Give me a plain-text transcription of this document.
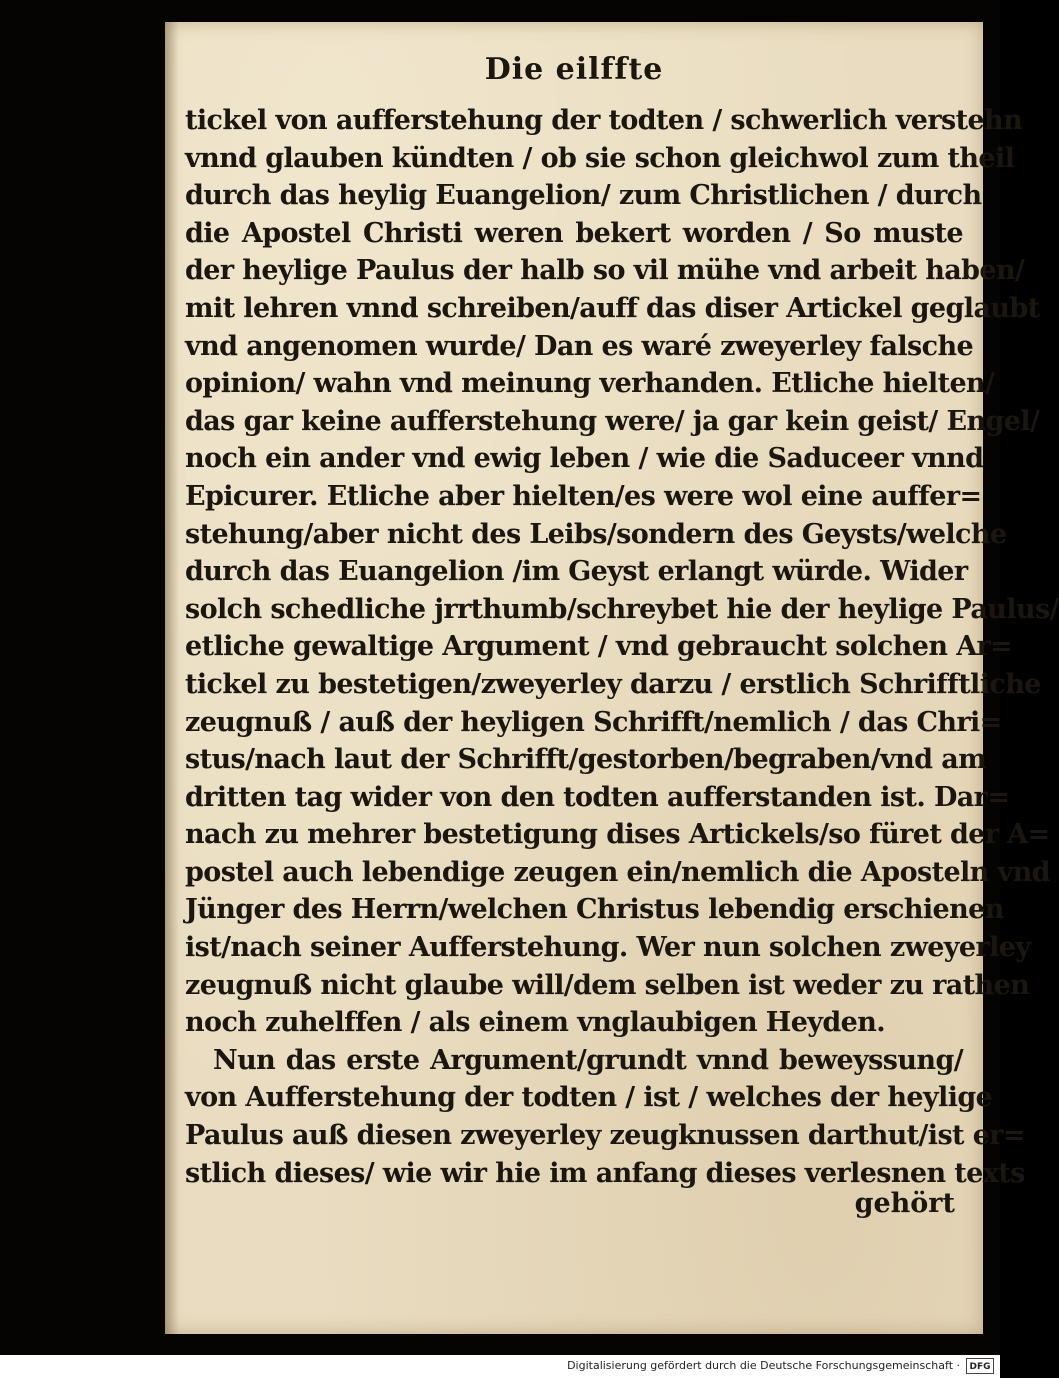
Die eilffte
tickel von aufferstehung der todten / schwerlich verstehn
vnnd glauben kündten / ob sie schon gleichwol zum theil
durch das heylig Euangelion/ zum Christlichen / durch
die Apostel Christi weren bekert worden / So muste
der heylige Paulus der halb so vil mühe vnd arbeit haben/
mit lehren vnnd schreiben/auff das diser Artickel geglaubt
vnd angenomen wurde/ Dan es waré zweyerley falsche
opinion/ wahn vnd meinung verhanden. Etliche hielten/
das gar keine aufferstehung were/ ja gar kein geist/ Engel/
noch ein ander vnd ewig leben / wie die Saduceer vnnd
Epicurer. Etliche aber hielten/es were wol eine auffer=
stehung/aber nicht des Leibs/sondern des Geysts/welche
durch das Euangelion /im Geyst erlangt würde. Wider
solch schedliche jrrthumb/schreybet hie der heylige Paulus/
etliche gewaltige Argument / vnd gebraucht solchen Ar=
tickel zu bestetigen/zweyerley darzu / erstlich Schrifftliche
zeugnuß / auß der heyligen Schrifft/nemlich / das Chri=
stus/nach laut der Schrifft/gestorben/begraben/vnd am
dritten tag wider von den todten aufferstanden ist. Dar=
nach zu mehrer bestetigung dises Artickels/so füret der A=
postel auch lebendige zeugen ein/nemlich die Aposteln vnd
Jünger des Herrn/welchen Christus lebendig erschienen
ist/nach seiner Aufferstehung. Wer nun solchen zweyerley
zeugnuß nicht glaube will/dem selben ist weder zu rathen
noch zuhelffen / als einem vnglaubigen Heyden.
Nun das erste Argument/grundt vnnd beweyssung/
von Aufferstehung der todten / ist / welches der heylige
Paulus auß diesen zweyerley zeugknussen darthut/ist er=
stlich dieses/ wie wir hie im anfang dieses verlesnen texts
gehört
Digitalisierung gefördert durch die Deutsche Forschungsgemeinschaft ·	DFG
